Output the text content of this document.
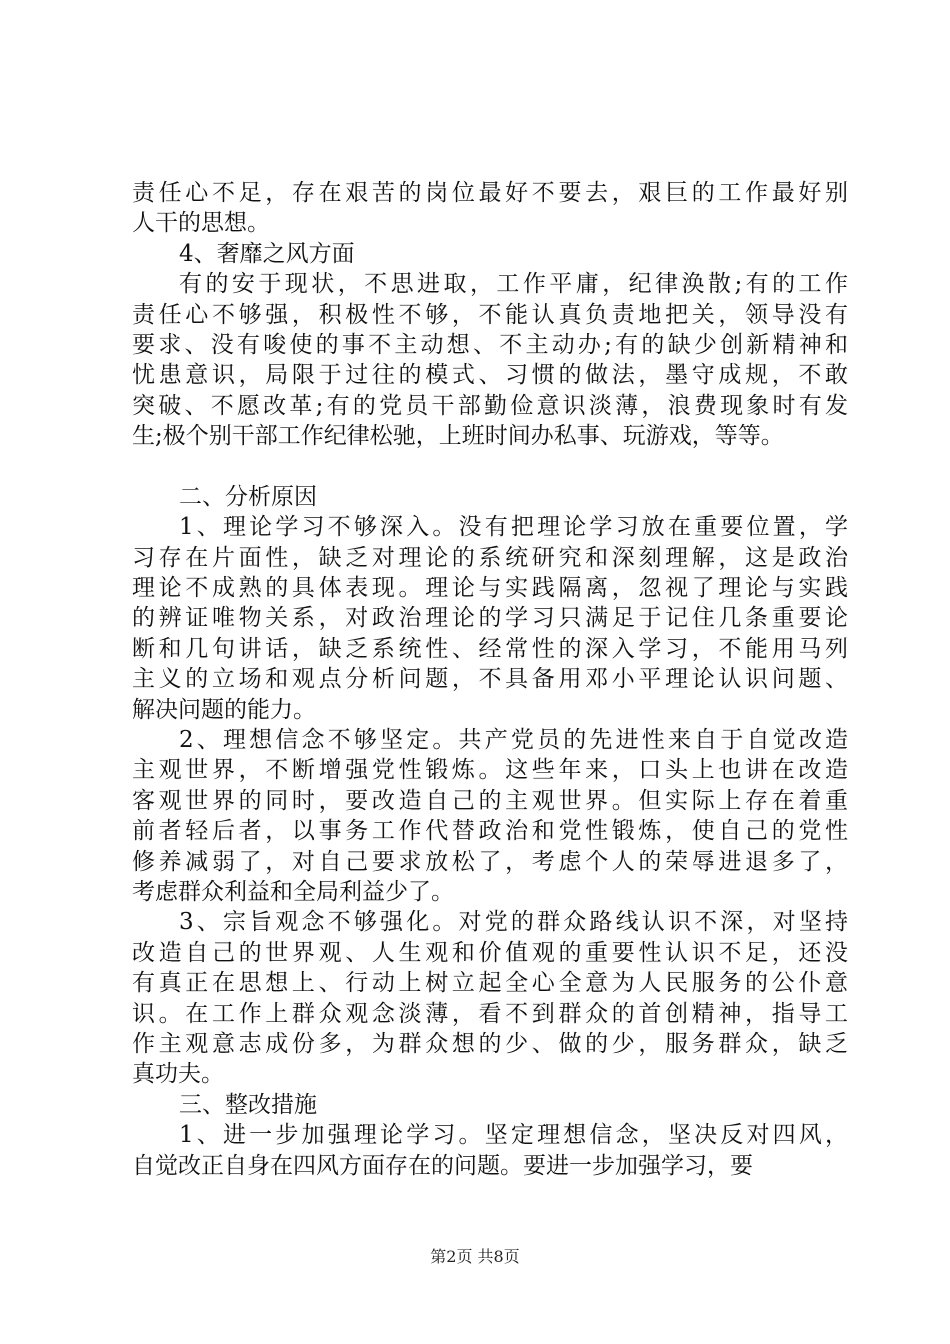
责任心不足，存在艰苦的岗位最好不要去，艰巨的工作最好别
人干的思想。
4、奢靡之风方面
有的安于现状，不思进取，工作平庸，纪律涣散;有的工作
责任心不够强，积极性不够，不能认真负责地把关，领导没有
要求、没有唆使的事不主动想、不主动办;有的缺少创新精神和
忧患意识，局限于过往的模式、习惯的做法，墨守成规，不敢
突破、不愿改革;有的党员干部勤俭意识淡薄，浪费现象时有发
生;极个别干部工作纪律松驰，上班时间办私事、玩游戏，等等。
二、分析原因
1、理论学习不够深入。没有把理论学习放在重要位置，学
习存在片面性，缺乏对理论的系统研究和深刻理解，这是政治
理论不成熟的具体表现。理论与实践隔离，忽视了理论与实践
的辨证唯物关系，对政治理论的学习只满足于记住几条重要论
断和几句讲话，缺乏系统性、经常性的深入学习，不能用马列
主义的立场和观点分析问题，不具备用邓小平理论认识问题、
解决问题的能力。
2、理想信念不够坚定。共产党员的先进性来自于自觉改造
主观世界，不断增强党性锻炼。这些年来，口头上也讲在改造
客观世界的同时，要改造自己的主观世界。但实际上存在着重
前者轻后者，以事务工作代替政治和党性锻炼，使自己的党性
修养减弱了，对自己要求放松了，考虑个人的荣辱进退多了，
考虑群众利益和全局利益少了。
3、宗旨观念不够强化。对党的群众路线认识不深，对坚持
改造自己的世界观、人生观和价值观的重要性认识不足，还没
有真正在思想上、行动上树立起全心全意为人民服务的公仆意
识。在工作上群众观念淡薄，看不到群众的首创精神，指导工
作主观意志成份多，为群众想的少、做的少，服务群众，缺乏
真功夫。
三、整改措施
1、进一步加强理论学习。坚定理想信念，坚决反对四风，
自觉改正自身在四风方面存在的问题。要进一步加强学习，要
第2页 共8页
